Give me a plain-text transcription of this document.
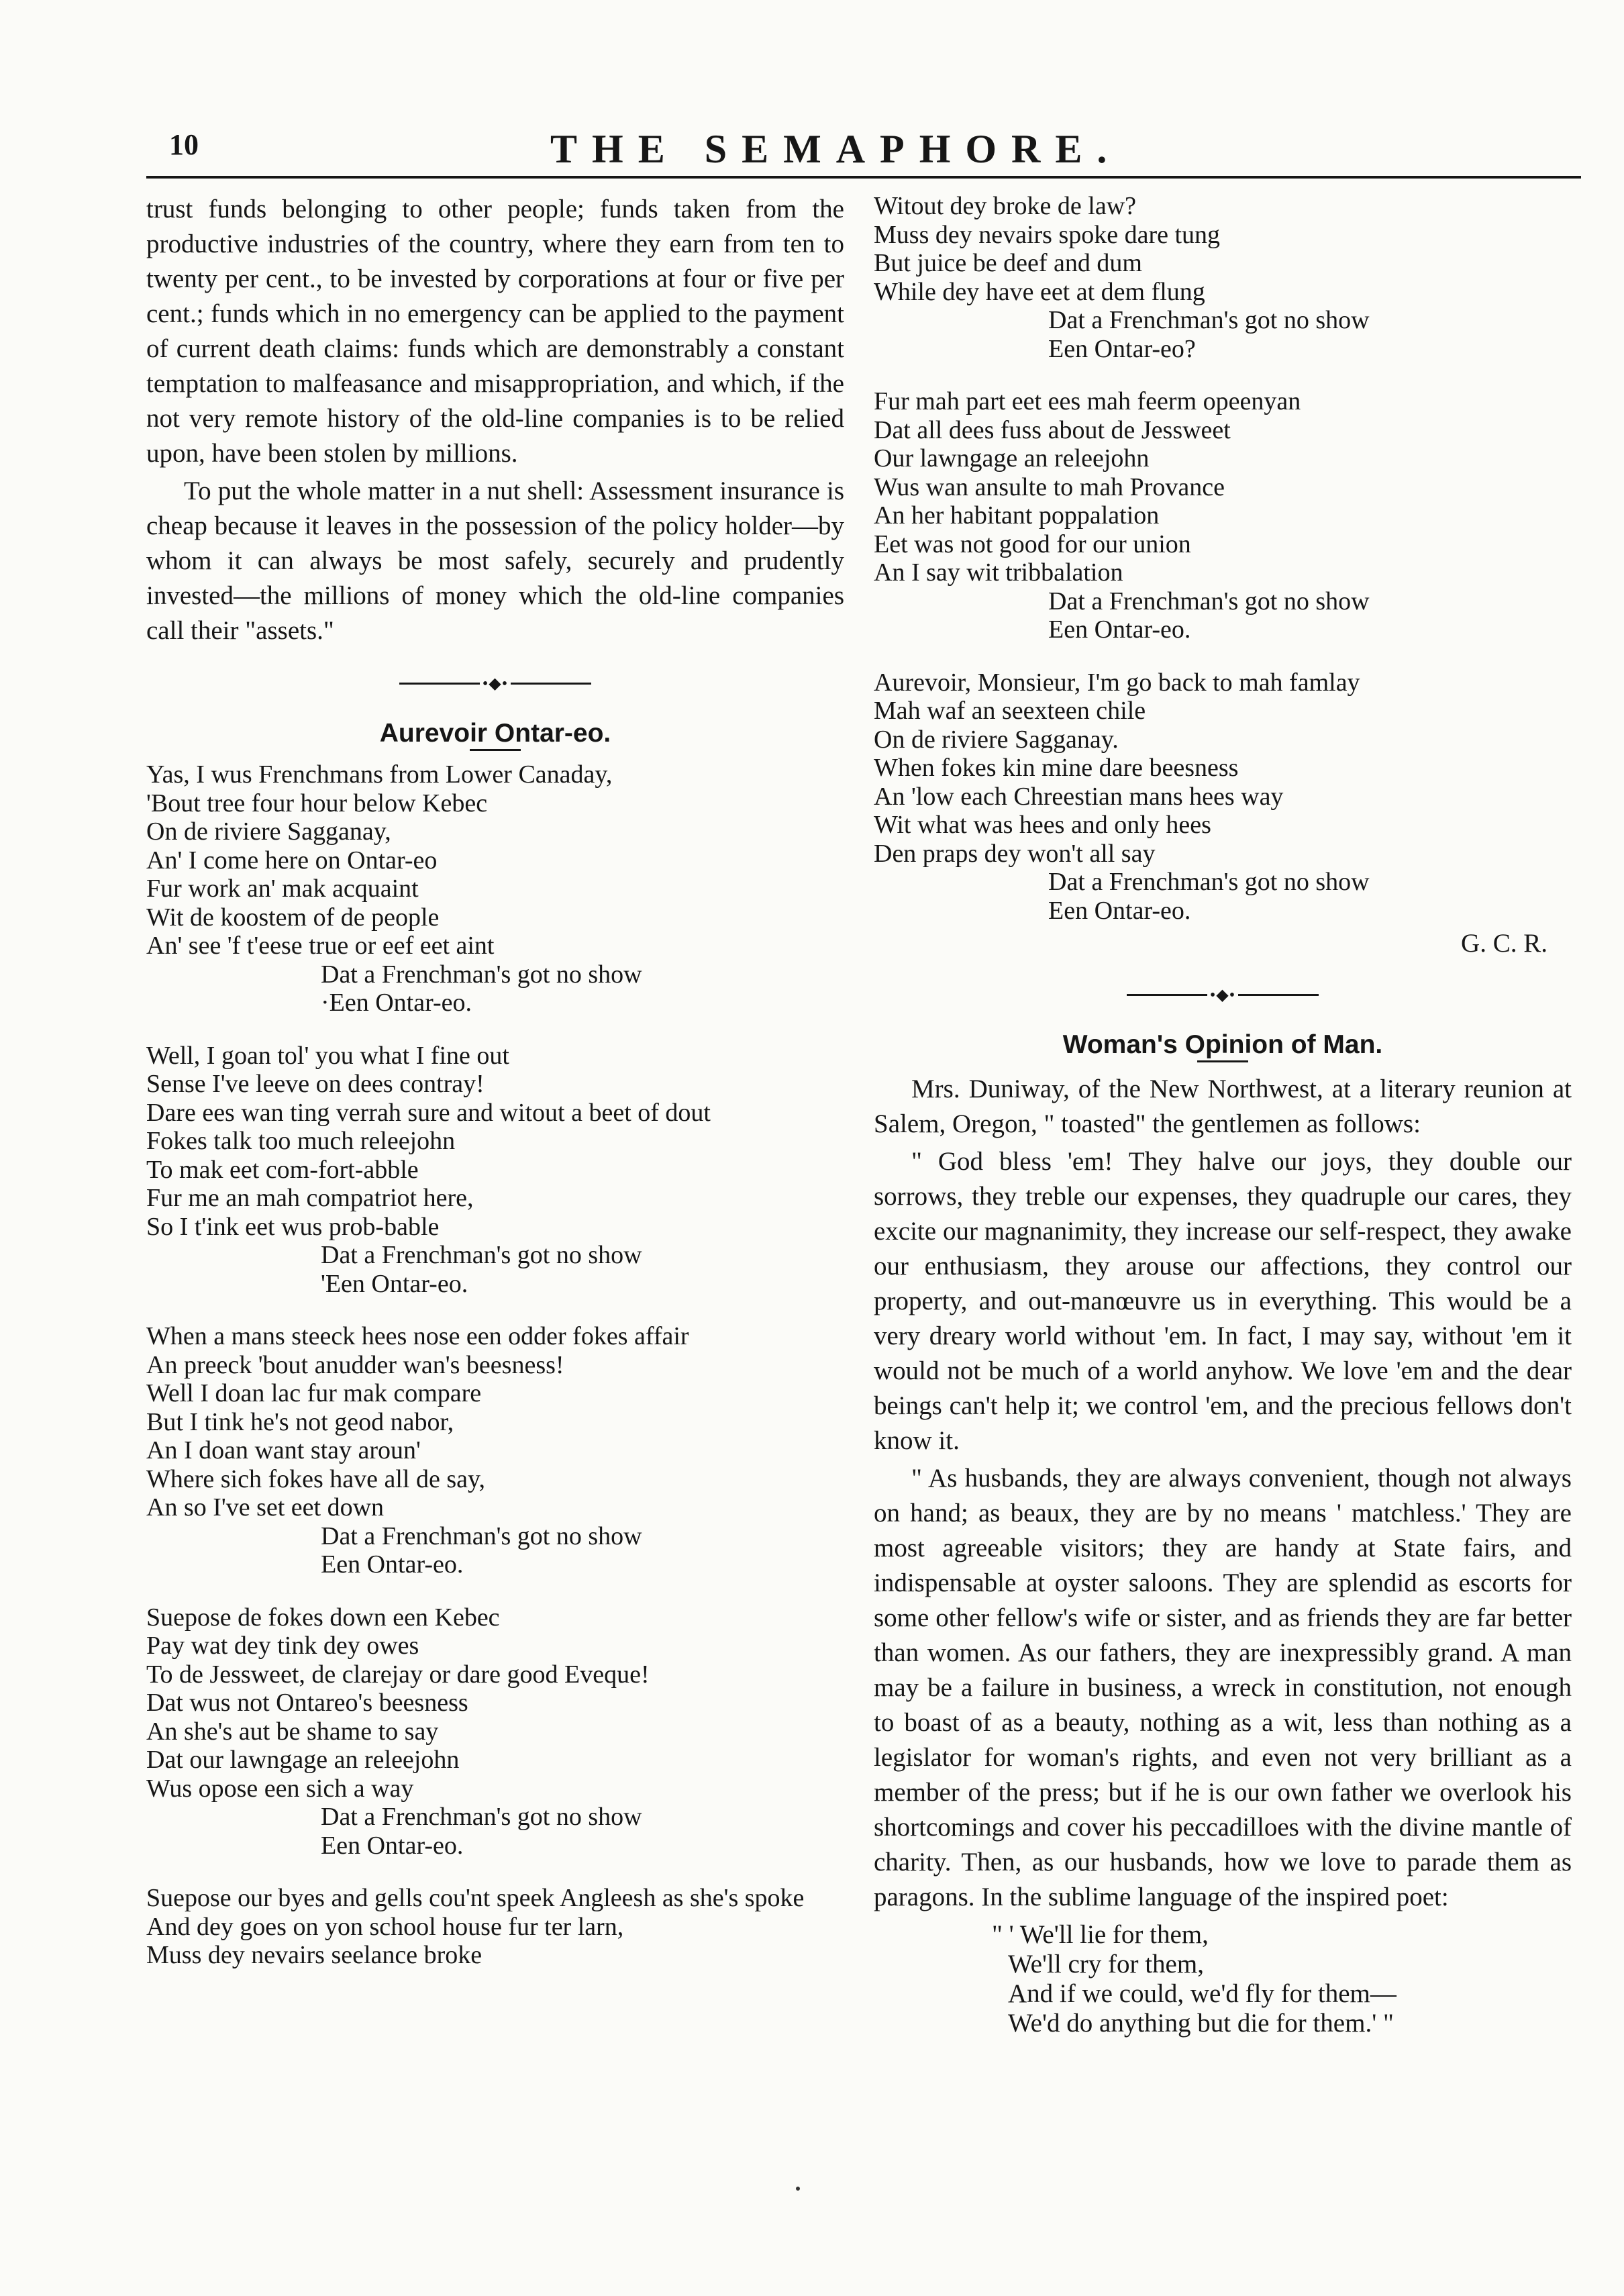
10	THE SEMAPHORE.

trust funds belonging to other people; funds taken from the productive industries of the country, where they earn from ten to twenty per cent., to be invested by corporations at four or five per cent.; funds which in no emergency can be applied to the payment of current death claims: funds which are demonstrably a constant temptation to malfeasance and misappropriation, and which, if the not very remote history of the old-line companies is to be relied upon, have been stolen by millions.

To put the whole matter in a nut shell: Assessment insurance is cheap because it leaves in the possession of the policy holder—by whom it can always be most safely, securely and prudently invested—the millions of money which the old-line companies call their "assets."

•◆•
Aurevoir Ontar-eo.
Yas, I wus Frenchmans from Lower Canaday,
'Bout tree four hour below Kebec
On de riviere Sagganay,
An' I come here on Ontar-eo
Fur work an' mak acquaint
Wit de koostem of de people
An' see 'f t'eese true or eef eet aint
Dat a Frenchman's got no show
·Een Ontar-eo.
Well, I goan tol' you what I fine out
Sense I've leeve on dees contray!
Dare ees wan ting verrah sure and witout a beet of dout
Fokes talk too much releejohn
To mak eet com-fort-abble
Fur me an mah compatriot here,
So I t'ink eet wus prob-bable
Dat a Frenchman's got no show
'Een Ontar-eo.
When a mans steeck hees nose een odder fokes affair
An preeck 'bout anudder wan's beesness!
Well I doan lac fur mak compare
But I tink he's not geod nabor,
An I doan want stay aroun'
Where sich fokes have all de say,
An so I've set eet down
Dat a Frenchman's got no show
Een Ontar-eo.
Suepose de fokes down een Kebec
Pay wat dey tink dey owes
To de Jessweet, de clarejay or dare good Eveque!
Dat wus not Ontareo's beesness
An she's aut be shame to say
Dat our lawngage an releejohn
Wus opose een sich a way
Dat a Frenchman's got no show
Een Ontar-eo.
Suepose our byes and gells cou'nt speek Angleesh as she's spoke
And dey goes on yon school house fur ter larn,
Muss dey nevairs seelance broke
Witout dey broke de law?
Muss dey nevairs spoke dare tung
But juice be deef and dum
While dey have eet at dem flung
Dat a Frenchman's got no show
Een Ontar-eo?
Fur mah part eet ees mah feerm opeenyan
Dat all dees fuss about de Jessweet
Our lawngage an releejohn
Wus wan ansulte to mah Provance
An her habitant poppalation
Eet was not good for our union
An I say wit tribbalation
Dat a Frenchman's got no show
Een Ontar-eo.
Aurevoir, Monsieur, I'm go back to mah famlay
Mah waf an seexteen chile
On de riviere Sagganay.
When fokes kin mine dare beesness
An 'low each Chreestian mans hees way
Wit what was hees and only hees
Den praps dey won't all say
Dat a Frenchman's got no show
Een Ontar-eo.
G. C. R.
•◆•
Woman's Opinion of Man.

Mrs. Duniway, of the New Northwest, at a literary reunion at Salem, Oregon, " toasted" the gentlemen as follows:

" God bless 'em! They halve our joys, they double our sorrows, they treble our expenses, they quadruple our cares, they excite our magnanimity, they increase our self-respect, they awake our enthusiasm, they arouse our affections, they control our property, and out-manœuvre us in everything. This would be a very dreary world without 'em. In fact, I may say, without 'em it would not be much of a world anyhow. We love 'em and the dear beings can't help it; we control 'em, and the precious fellows don't know it.

" As husbands, they are always convenient, though not always on hand; as beaux, they are by no means ' matchless.' They are most agreeable visitors; they are handy at State fairs, and indispensable at oyster saloons. They are splendid as escorts for some other fellow's wife or sister, and as friends they are far better than women. As our fathers, they are inexpressibly grand. A man may be a failure in business, a wreck in constitution, not enough to boast of as a beauty, nothing as a wit, less than nothing as a legislator for woman's rights, and even not very brilliant as a member of the press; but if he is our own father we overlook his shortcomings and cover his peccadilloes with the divine mantle of charity. Then, as our husbands, how we love to parade them as paragons. In the sublime language of the inspired poet:

" ' We'll lie for them,
We'll cry for them,
And if we could, we'd fly for them—
We'd do anything but die for them.' "
